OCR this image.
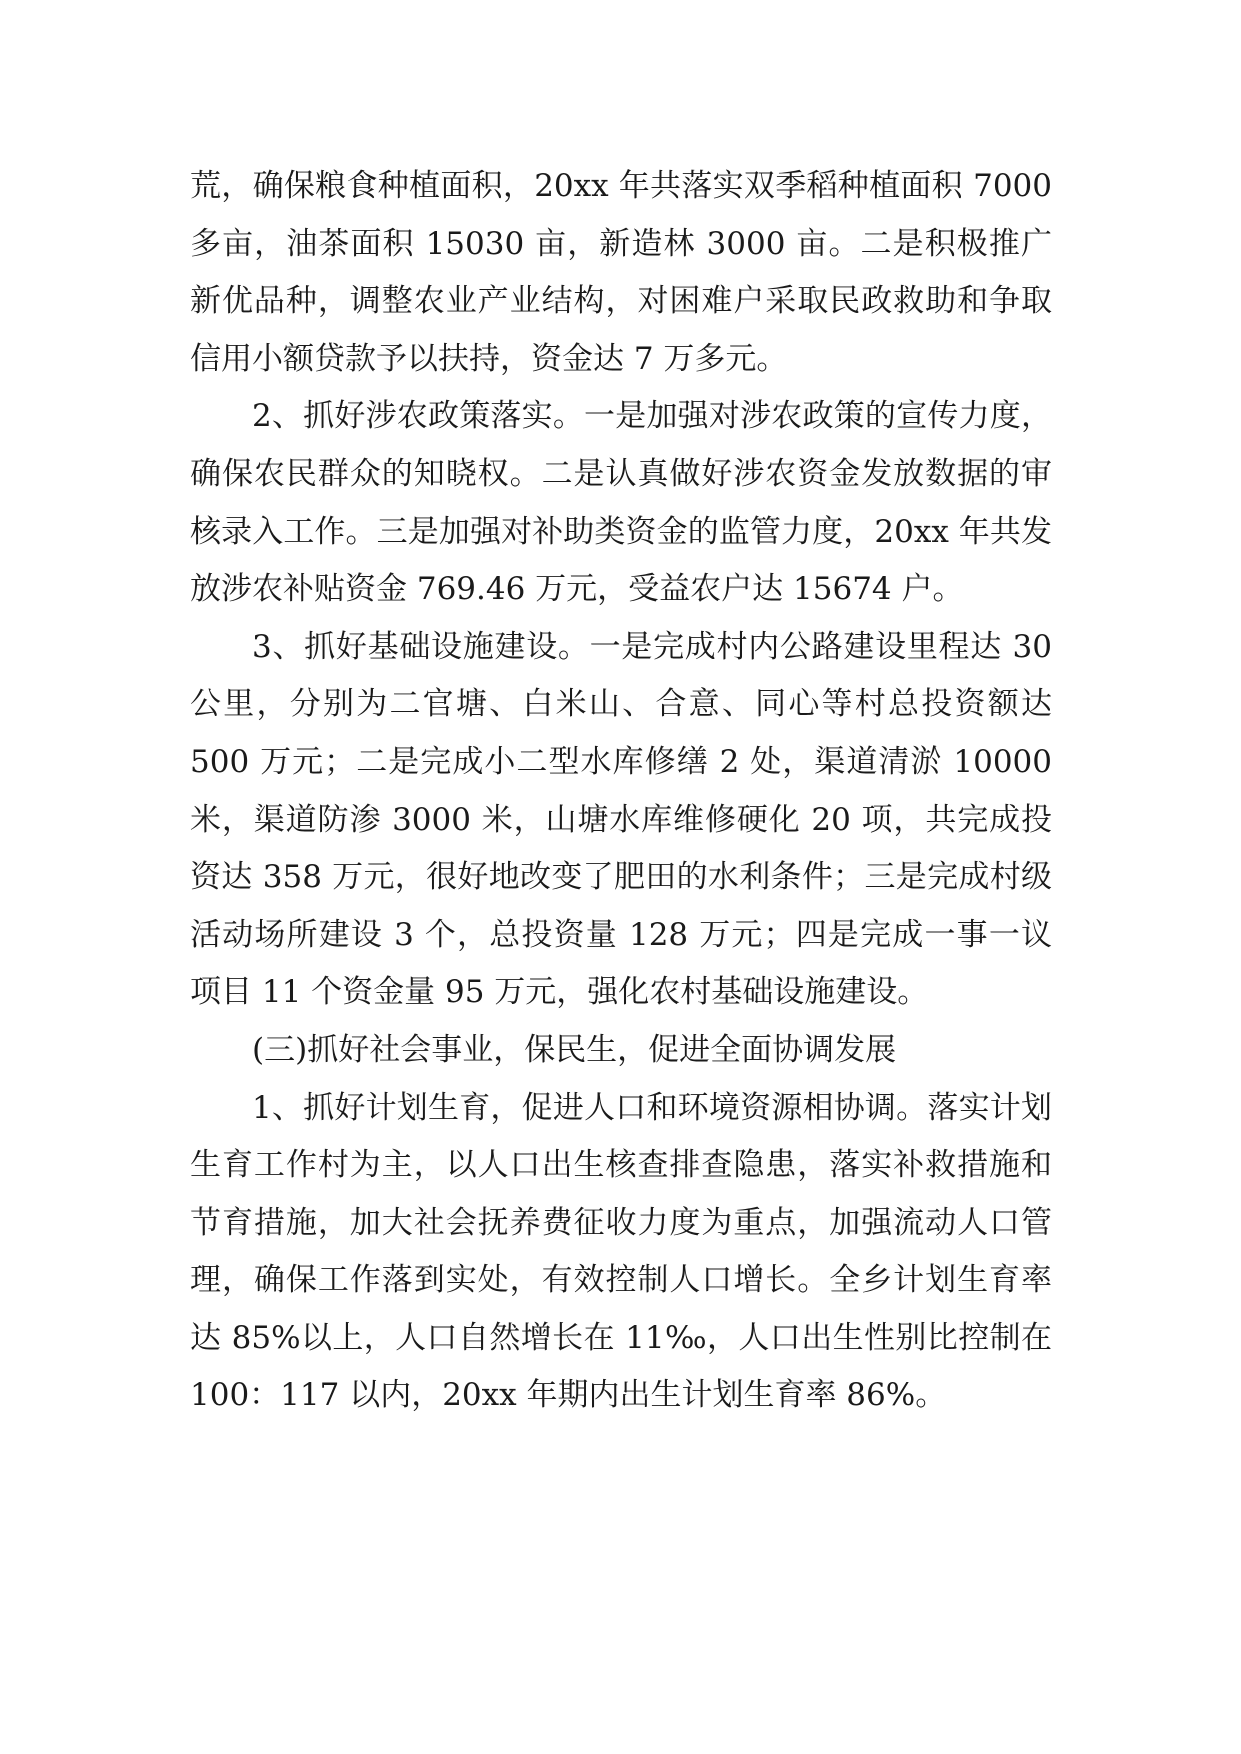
荒，确保粮食种植面积，20xx 年共落实双季稻种植面积 7000 多亩，油茶面积 15030 亩，新造林 3000 亩。二是积极推广新优品种，调整农业产业结构，对困难户采取民政救助和争取信用小额贷款予以扶持，资金达 7 万多元。

2、抓好涉农政策落实。一是加强对涉农政策的宣传力度，确保农民群众的知晓权。二是认真做好涉农资金发放数据的审核录入工作。三是加强对补助类资金的监管力度，20xx 年共发放涉农补贴资金 769.46 万元，受益农户达 15674 户。

3、抓好基础设施建设。一是完成村内公路建设里程达 30 公里，分别为二官塘、白米山、合意、同心等村总投资额达 500 万元；二是完成小二型水库修缮 2 处，渠道清淤 10000 米，渠道防渗 3000 米，山塘水库维修硬化 20 项，共完成投资达 358 万元，很好地改变了肥田的水利条件；三是完成村级活动场所建设 3 个，总投资量 128 万元；四是完成一事一议项目 11 个资金量 95 万元，强化农村基础设施建设。

(三)抓好社会事业，保民生，促进全面协调发展

1、抓好计划生育，促进人口和环境资源相协调。落实计划生育工作村为主，以人口出生核查排查隐患，落实补救措施和节育措施，加大社会抚养费征收力度为重点，加强流动人口管理，确保工作落到实处，有效控制人口增长。全乡计划生育率达 85%以上，人口自然增长在 11‰，人口出生性别比控制在 100：117 以内，20xx 年期内出生计划生育率 86%。
